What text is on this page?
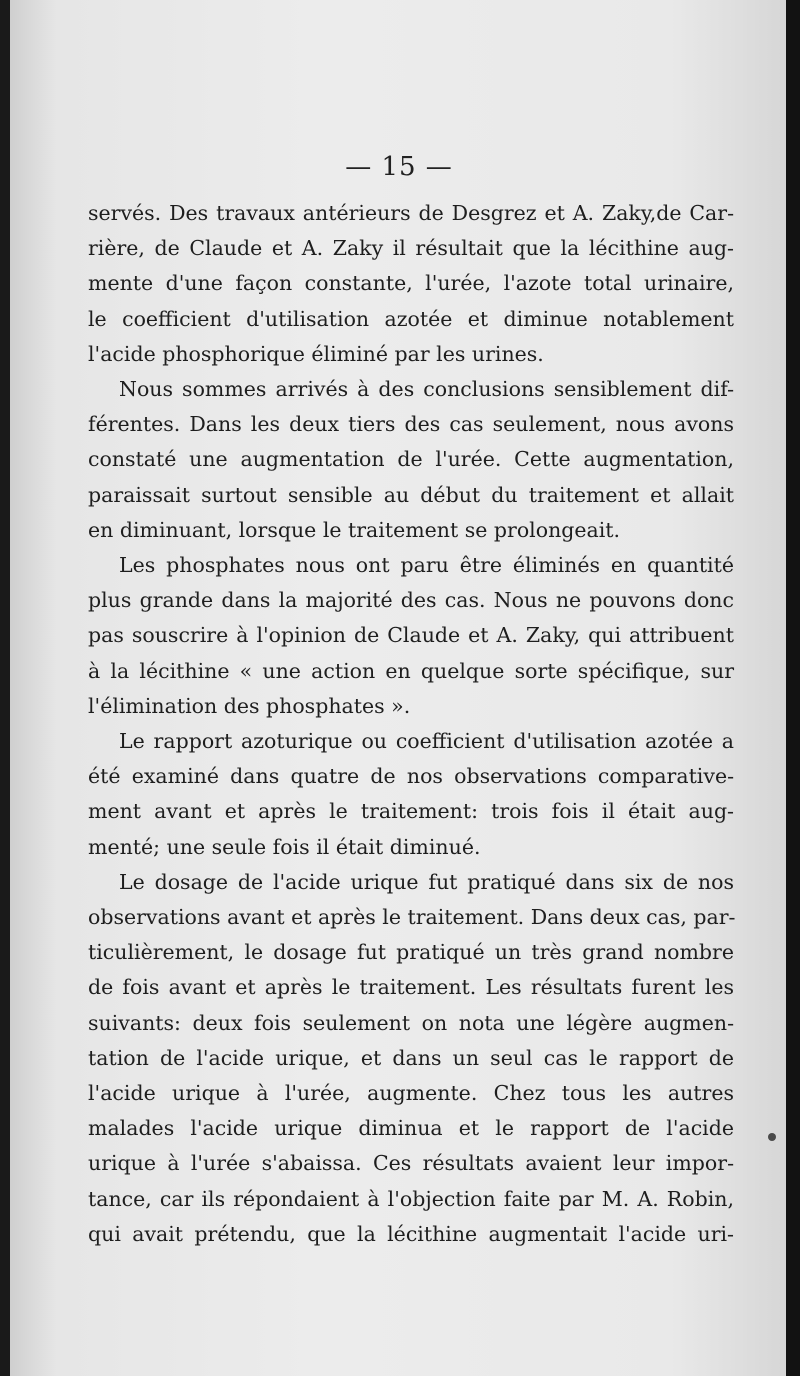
— 15 —
servés. Des travaux antérieurs de Desgrez et A. Zaky,de Car-
rière, de Claude et A. Zaky il résultait que la lécithine aug-
mente d'une façon constante, l'urée, l'azote total urinaire,
le coefficient d'utilisation azotée et diminue notablement
l'acide phosphorique éliminé par les urines.
Nous sommes arrivés à des conclusions sensiblement dif-
férentes. Dans les deux tiers des cas seulement, nous avons
constaté une augmentation de l'urée. Cette augmentation,
paraissait surtout sensible au début du traitement et allait
en diminuant, lorsque le traitement se prolongeait.
Les phosphates nous ont paru être éliminés en quantité
plus grande dans la majorité des cas. Nous ne pouvons donc
pas souscrire à l'opinion de Claude et A. Zaky, qui attribuent
à la lécithine « une action en quelque sorte spécifique, sur
l'élimination des phosphates ».
Le rapport azoturique ou coefficient d'utilisation azotée a
été examiné dans quatre de nos observations comparative-
ment avant et après le traitement: trois fois il était aug-
menté; une seule fois il était diminué.
Le dosage de l'acide urique fut pratiqué dans six de nos
observations avant et après le traitement. Dans deux cas, par-
ticulièrement, le dosage fut pratiqué un très grand nombre
de fois avant et après le traitement. Les résultats furent les
suivants: deux fois seulement on nota une légère augmen-
tation de l'acide urique, et dans un seul cas le rapport de
l'acide urique à l'urée, augmente. Chez tous les autres
malades l'acide urique diminua et le rapport de l'acide
urique à l'urée s'abaissa. Ces résultats avaient leur impor-
tance, car ils répondaient à l'objection faite par M. A. Robin,
qui avait prétendu, que la lécithine augmentait l'acide uri-
